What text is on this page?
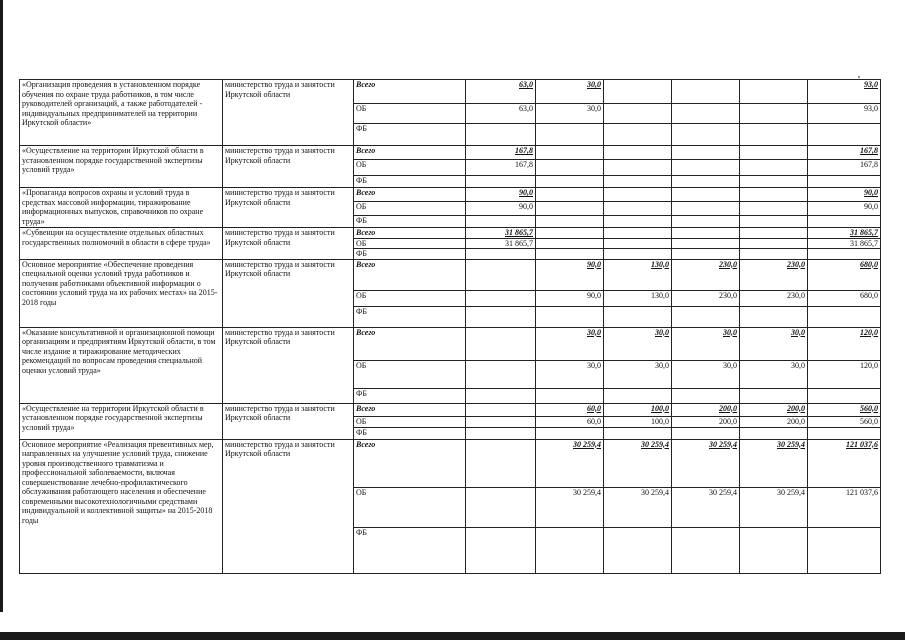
«Организация проведения в установленном порядке обучения по охране труда работников, в том числе руководителей организаций, а также работодателей - индивидуальных предпринимателей на территории Иркутской области»	министерство труда и занятости Иркутской области	Всего	63,0	30,0				93,0
		ОБ	63,0	30,0				93,0
		ФБ						
«Осуществление на территории Иркутской области в установленном порядке государственной экспертизы условий труда»	министерство труда и занятости Иркутской области	Всего	167,8					167,8
		ОБ	167,8					167,8
		ФБ						
«Пропаганда вопросов охраны и условий труда в средствах массовой информации, тиражирование информационных выпусков, справочников по охране труда»	министерство труда и занятости Иркутской области	Всего	90,0					90,0
		ОБ	90,0					90,0
		ФБ						
«Субвенции на осуществление отдельных областных государственных полномочий в области в сфере труда»	министерство труда и занятости Иркутской области	Всего	31 865,7					31 865,7
		ОБ	31 865,7					31 865,7
		ФБ						
Основное мероприятие «Обеспечение проведения специальной оценки условий труда работников и получения работниками объективной информации о состоянии условий труда на их рабочих местах» на 2015-2018 годы	министерство труда и занятости Иркутской области	Всего		90,0	130,0	230,0	230,0	680,0
		ОБ		90,0	130,0	230,0	230,0	680,0
		ФБ						
«Оказание консультативной и организационной помощи организациям и предприятиям Иркутской области, в том числе издание и тиражирование методических рекомендаций по вопросам проведения специальной оценки условий труда»	министерство труда и занятости Иркутской области	Всего		30,0	30,0	30,0	30,0	120,0
		ОБ		30,0	30,0	30,0	30,0	120,0
		ФБ						
«Осуществление на территории Иркутской области в установленном порядке государственной экспертизы условий труда»	министерство труда и занятости Иркутской области	Всего		60,0	100,0	200,0	200,0	560,0
		ОБ		60,0	100,0	200,0	200,0	560,0
		ФБ						
Основное мероприятие «Реализация превентивных мер, направленных на улучшение условий труда, снижение уровня производственного травматизма и профессиональной заболеваемости, включая совершенствование лечебно-профилактического обслуживания работающего населения и обеспечение современными высокотехнологичными средствами индивидуальной и коллективной защиты» на 2015-2018 годы	министерство труда и занятости Иркутской области	Всего		30 259,4	30 259,4	30 259,4	30 259,4	121 037,6
		ОБ		30 259,4	30 259,4	30 259,4	30 259,4	121 037,6
		ФБ						
